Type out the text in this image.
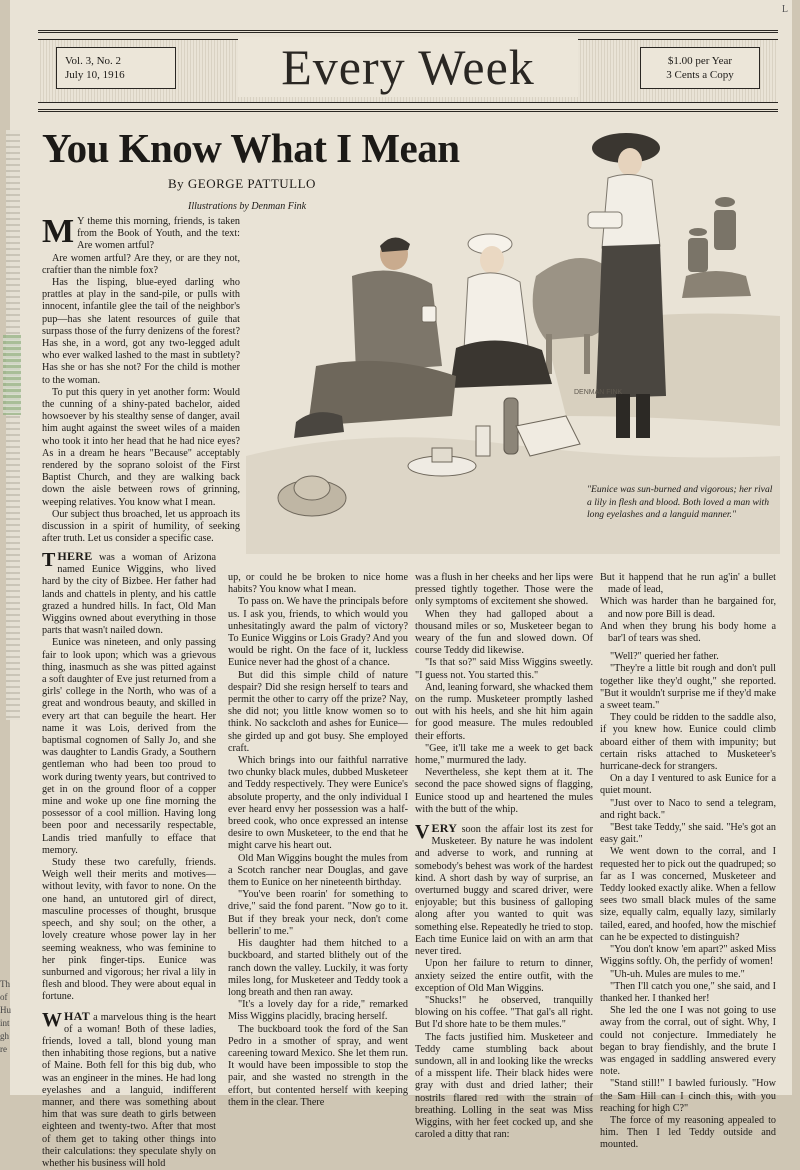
Vol. 3, No. 2
July 10, 1916	Every Week	$1.00 per Year
3 Cents a Copy
You Know What I Mean
By GEORGE PATTULLO
Illustrations by Denman Fink

M Y theme this morning, friends, is taken from the Book of Youth, and the text: Are women artful?

Are women artful? Are they, or are they not, craftier than the nimble fox?

Has the lisping, blue-eyed darling who prattles at play in the sand-pile, or pulls with innocent, infantile glee the tail of the neighbor's pup—has she latent resources of guile that surpass those of the furry denizens of the forest? Has she, in a word, got any two-legged adult who ever walked lashed to the mast in subtlety? Has she or has she not? For the child is mother to the woman.

To put this query in yet another form: Would the cunning of a shiny-pated bachelor, aided howsoever by his stealthy sense of danger, avail him aught against the sweet wiles of a maiden who took it into her head that he had nice eyes? As in a dream he hears "Because" acceptably rendered by the soprano soloist of the First Baptist Church, and they are walking back down the aisle between rows of grinning, weeping relatives. You know what I mean.

Our subject thus broached, let us approach its discussion in a spirit of humility, of seeking after truth. Let us consider a specific case.

DENMAN FINK
"Eunice was sun-burned and vigorous; her rival a lily in flesh and blood. Both loved a man with long eyelashes and a languid manner."

THERE was a woman of Arizona named Eunice Wiggins, who lived hard by the city of Bizbee. Her father had lands and chattels in plenty, and his cattle grazed a hundred hills. In fact, Old Man Wiggins owned about everything in those parts that wasn't nailed down.

Eunice was nineteen, and only passing fair to look upon; which was a grievous thing, inasmuch as she was pitted against a soft daughter of Eve just returned from a girls' college in the North, who was of a great and wondrous beauty, and skilled in every art that can beguile the heart. Her name it was Lois, derived from the baptismal cognomen of Sally Jo, and she was daughter to Landis Grady, a Southern gentleman who had been too proud to work during twenty years, but contrived to get in on the ground floor of a copper mine and woke up one fine morning the possessor of a cool million. Having long been poor and necessarily respectable, Landis tried manfully to efface that memory.

Study these two carefully, friends. Weigh well their merits and motives—without levity, with favor to none. On the one hand, an untutored girl of direct, masculine processes of thought, brusque speech, and shy soul; on the other, a lovely creature whose power lay in her seeming weakness, who was feminine to her pink finger-tips. Eunice was sunburned and vigorous; her rival a lily in flesh and blood. They were about equal in fortune.

WHAT a marvelous thing is the heart of a woman! Both of these ladies, friends, loved a tall, blond young man then inhabiting those regions, but a native of Maine. Both fell for this big dub, who was an engineer in the mines. He had long eyelashes and a languid, indifferent manner, and there was something about him that was sure death to girls between eighteen and twenty-two. After that most of them get to taking other things into their calculations: they speculate shyly on whether his business will hold

up, or could he be broken to nice home habits? You know what I mean.

To pass on. We have the principals before us. I ask you, friends, to which would you unhesitatingly award the palm of victory? To Eunice Wiggins or Lois Grady? And you would be right. On the face of it, luckless Eunice never had the ghost of a chance.

But did this simple child of nature despair? Did she resign herself to tears and permit the other to carry off the prize? Nay, she did not; you little know women so to think. No sackcloth and ashes for Eunice—she girded up and got busy. She employed craft.

Which brings into our faithful narrative two chunky black mules, dubbed Musketeer and Teddy respectively. They were Eunice's absolute property, and the only individual I ever heard envy her possession was a half-breed cook, who once expressed an intense desire to own Musketeer, to the end that he might carve his heart out.

Old Man Wiggins bought the mules from a Scotch rancher near Douglas, and gave them to Eunice on her nineteenth birthday.

"You've been roarin' for something to drive," said the fond parent. "Now go to it. But if they break your neck, don't come bellerin' to me."

His daughter had them hitched to a buckboard, and started blithely out of the ranch down the valley. Luckily, it was forty miles long, for Musketeer and Teddy took a long breath and then ran away.

"It's a lovely day for a ride," remarked Miss Wiggins placidly, bracing herself.

The buckboard took the ford of the San Pedro in a smother of spray, and went careening toward Mexico. She let them run. It would have been impossible to stop the pair, and she wasted no strength in the effort, but contented herself with keeping them in the clear. There

was a flush in her cheeks and her lips were pressed tightly together. Those were the only symptoms of excitement she showed.

When they had galloped about a thousand miles or so, Musketeer began to weary of the fun and slowed down. Of course Teddy did likewise.

"Is that so?" said Miss Wiggins sweetly. "I guess not. You started this."

And, leaning forward, she whacked them on the rump. Musketeer promptly lashed out with his heels, and she hit him again for good measure. The mules redoubled their efforts.

"Gee, it'll take me a week to get back home," murmured the lady.

Nevertheless, she kept them at it. The second the pace showed signs of flagging, Eunice stood up and heartened the mules with the butt of the whip.

VERY soon the affair lost its zest for Musketeer. By nature he was indolent and adverse to work, and running at somebody's behest was work of the hardest kind. A short dash by way of surprise, an overturned buggy and scared driver, were enjoyable; but this business of galloping along after you wanted to quit was something else. Repeatedly he tried to stop. Each time Eunice laid on with an arm that never tired.

Upon her failure to return to dinner, anxiety seized the entire outfit, with the exception of Old Man Wiggins.

"Shucks!" he observed, tranquilly blowing on his coffee. "That gal's all right. But I'd shore hate to be them mules."

The facts justified him. Musketeer and Teddy came stumbling back about sundown, all in and looking like the wrecks of a misspent life. Their black hides were gray with dust and dried lather; their nostrils flared red with the strain of breathing. Lolling in the seat was Miss Wiggins, with her feet cocked up, and she caroled a ditty that ran:

But it happend that he run ag'in' a bullet made of lead,

Which was harder than he bargained for, and now pore Bill is dead.

And when they brung his body home a bar'l of tears was shed.

"Well?" queried her father.

"They're a little bit rough and don't pull together like they'd ought," she reported. "But it wouldn't surprise me if they'd make a sweet team."

They could be ridden to the saddle also, if you knew how. Eunice could climb aboard either of them with impunity; but certain risks attached to Musketeer's hurricane-deck for strangers.

On a day I ventured to ask Eunice for a quiet mount.

"Just over to Naco to send a telegram, and right back."

"Best take Teddy," she said. "He's got an easy gait."

We went down to the corral, and I requested her to pick out the quadruped; so far as I was concerned, Musketeer and Teddy looked exactly alike. When a fellow sees two small black mules of the same size, equally calm, equally lazy, similarly tailed, eared, and hoofed, how the mischief can he be expected to distinguish?

"You don't know 'em apart?" asked Miss Wiggins softly. Oh, the perfidy of women!

"Uh-uh. Mules are mules to me."

"Then I'll catch you one," she said, and I thanked her. I thanked her!

She led the one I was not going to use away from the corral, out of sight. Why, I could not conjecture. Immediately he began to bray fiendishly, and the brute I was engaged in saddling answered every note.

"Stand still!" I bawled furiously. "How the Sam Hill can I cinch this, with you reaching for high C?"

The force of my reasoning appealed to him. Then I led Teddy outside and mounted.

L
Th
of
Hu
int
gh
re
